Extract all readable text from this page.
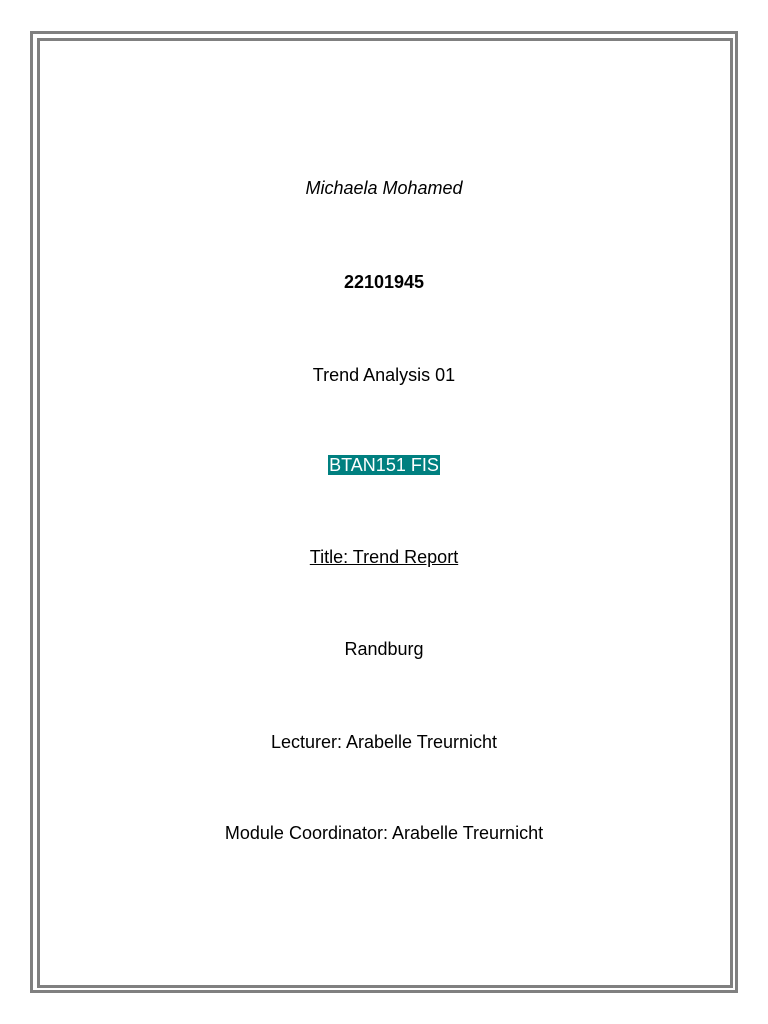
Michaela Mohamed
22101945
Trend Analysis 01
BTAN151 FIS
Title: Trend Report
Randburg
Lecturer: Arabelle Treurnicht
Module Coordinator: Arabelle Treurnicht
